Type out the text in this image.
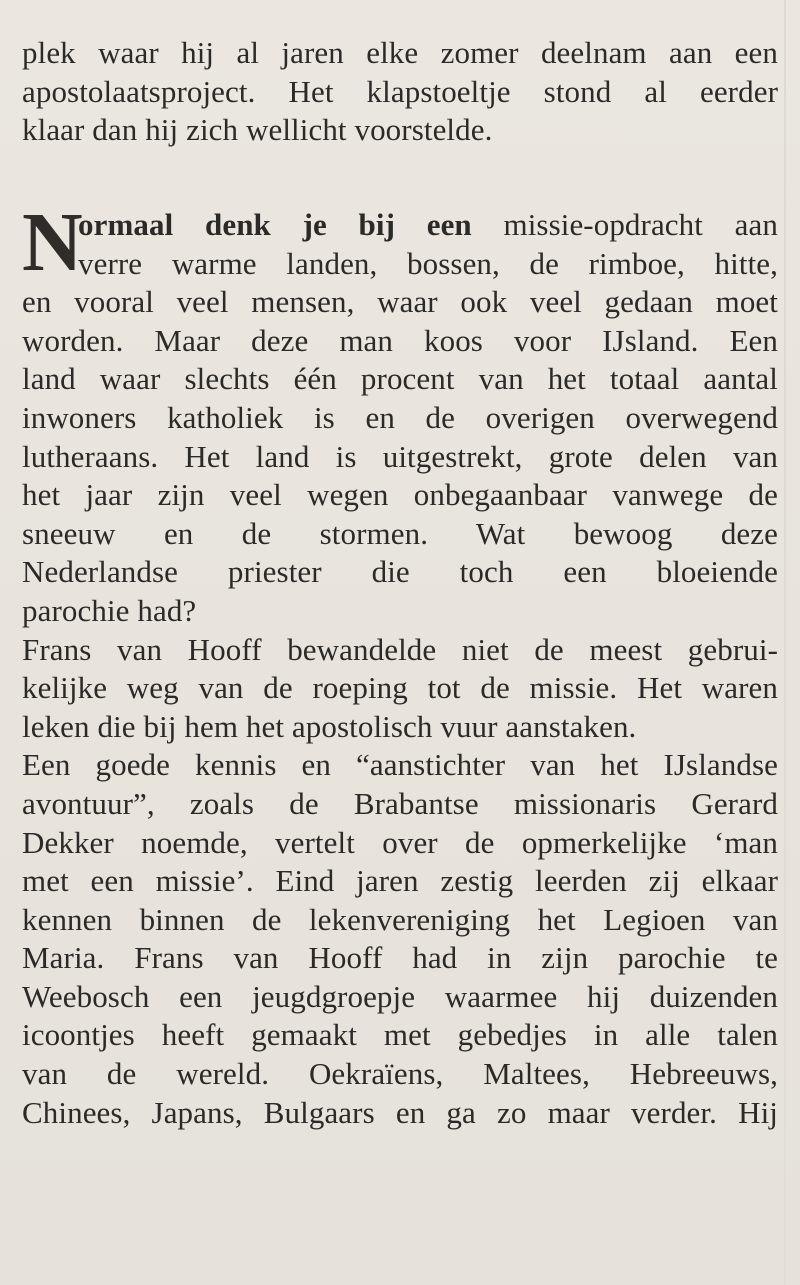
plek waar hij al jaren elke zomer deelnam aan een
apostolaatsproject. Het klapstoeltje stond al eerder
klaar dan hij zich wellicht voorstelde.
N
ormaal denk je bij een missie-opdracht aan
verre warme landen, bossen, de rimboe, hitte,
en vooral veel mensen, waar ook veel gedaan moet
worden. Maar deze man koos voor IJsland. Een
land waar slechts één procent van het totaal aantal
inwoners katholiek is en de overigen overwegend
lutheraans. Het land is uitgestrekt, grote delen van
het jaar zijn veel wegen onbegaanbaar vanwege de
sneeuw en de stormen. Wat bewoog deze
Nederlandse priester die toch een bloeiende
parochie had?
Frans van Hooff bewandelde niet de meest gebrui-
kelijke weg van de roeping tot de missie. Het waren
leken die bij hem het apostolisch vuur aanstaken.
Een goede kennis en “aanstichter van het IJslandse
avontuur”, zoals de Brabantse missionaris Gerard
Dekker noemde, vertelt over de opmerkelijke ‘man
met een missie’. Eind jaren zestig leerden zij elkaar
kennen binnen de lekenvereniging het Legioen van
Maria. Frans van Hooff had in zijn parochie te
Weebosch een jeugdgroepje waarmee hij duizenden
icoontjes heeft gemaakt met gebedjes in alle talen
van de wereld. Oekraïens, Maltees, Hebreeuws,
Chinees, Japans, Bulgaars en ga zo maar verder. Hij
